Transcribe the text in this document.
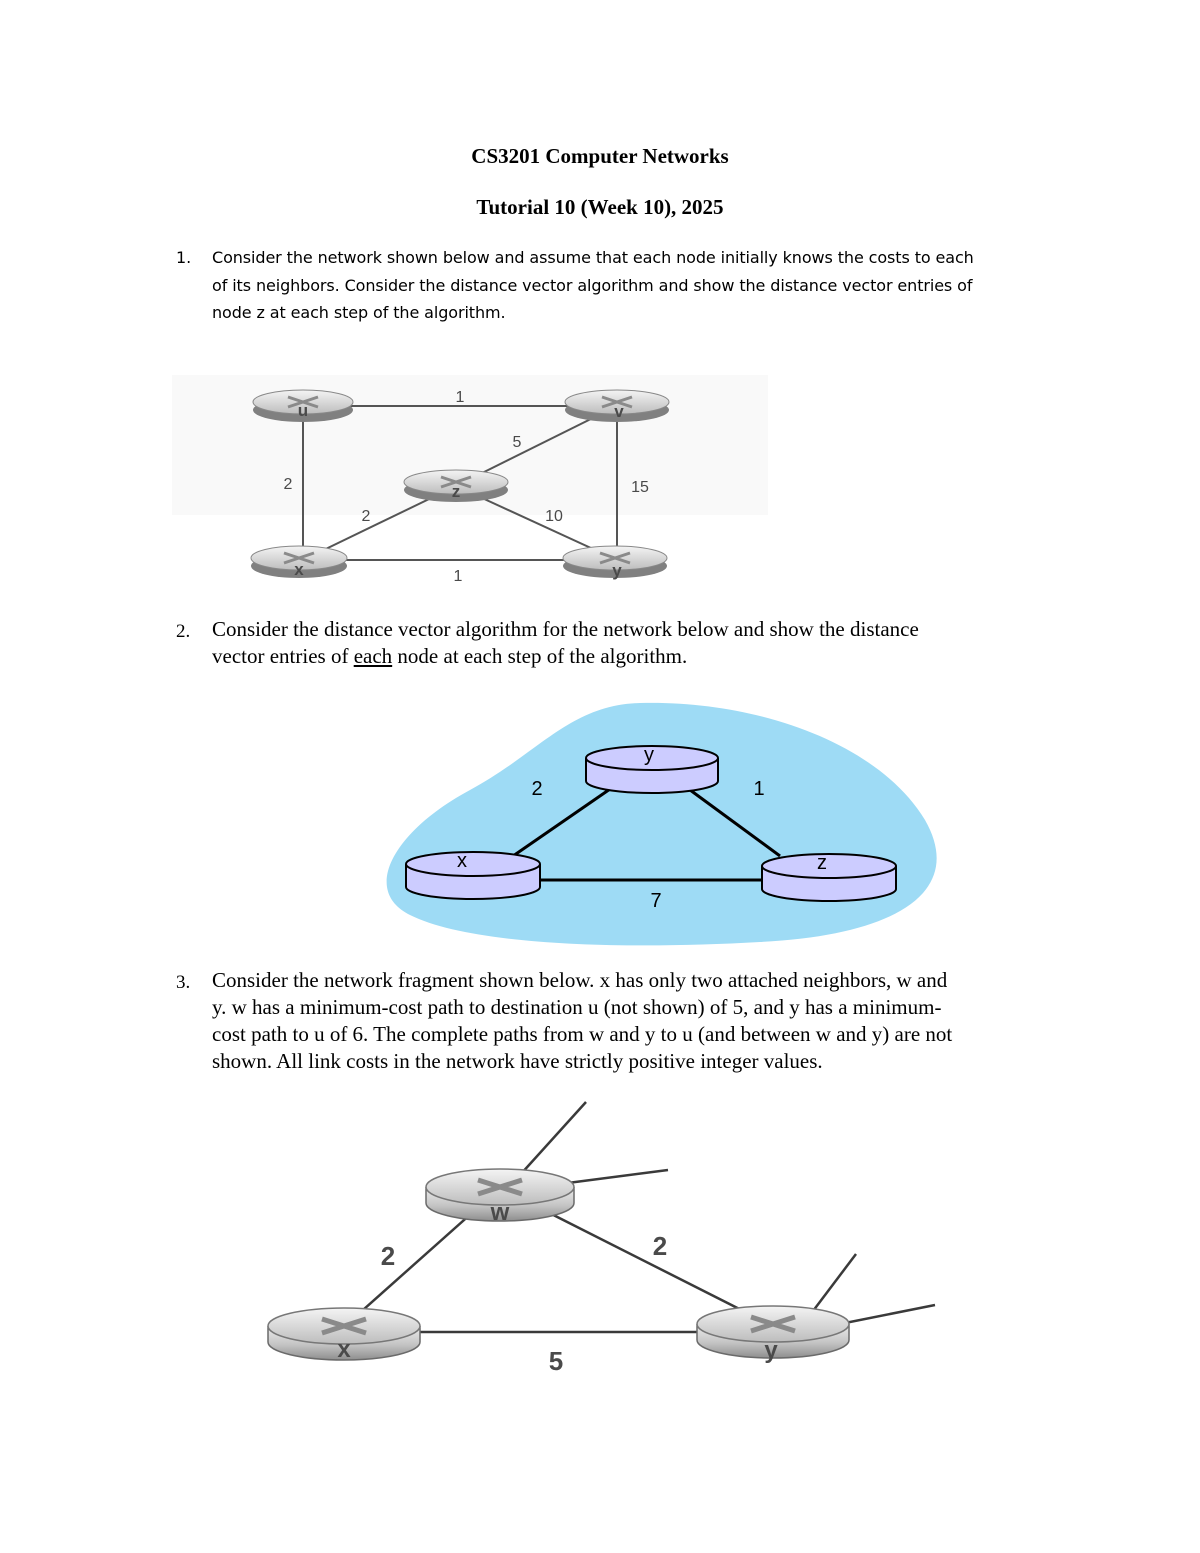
CS3201 Computer Networks
Tutorial 10 (Week 10), 2025
1. Consider the network shown below and assume that each node initially knows the costs to each
of its neighbors. Consider the distance vector algorithm and show the distance vector entries of
node z at each step of the algorithm.
2. Consider the distance vector algorithm for the network below and show the distance
vector entries of each node at each step of the algorithm.
3. Consider the network fragment shown below. x has only two attached neighbors, w and
y. w has a minimum-cost path to destination u (not shown) of 5, and y has a minimum-
cost path to u of 6. The complete paths from w and y to u (and between w and y) are not
shown. All link costs in the network have strictly positive integer values.
u	v
z
x	y
1
5
2	15
2	10
1
y
x	z
2	1
7
w
x	y
2	2
5
